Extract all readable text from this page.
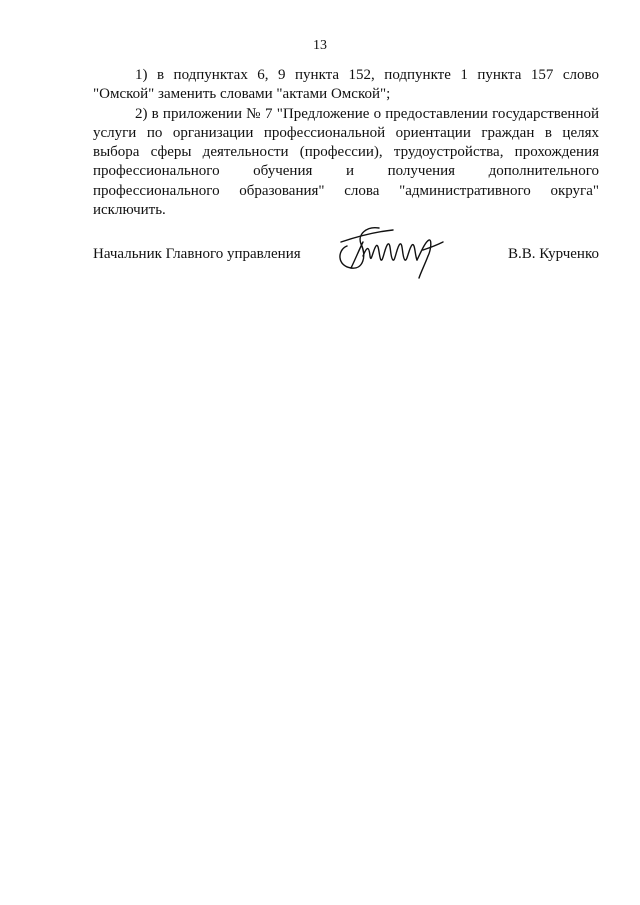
13

1) в подпунктах 6, 9 пункта 152, подпункте 1 пункта 157 слово "Омской" заменить словами "актами Омской";

2) в приложении № 7 "Предложение о предоставлении государственной услуги по организации профессиональной ориентации граждан в целях выбора сферы деятельности (профессии), трудоустройства, прохождения профессионального обучения и получения дополнительного профессионального образования" слова "административного округа" исключить.

Начальник Главного управления	В.В. Курченко
